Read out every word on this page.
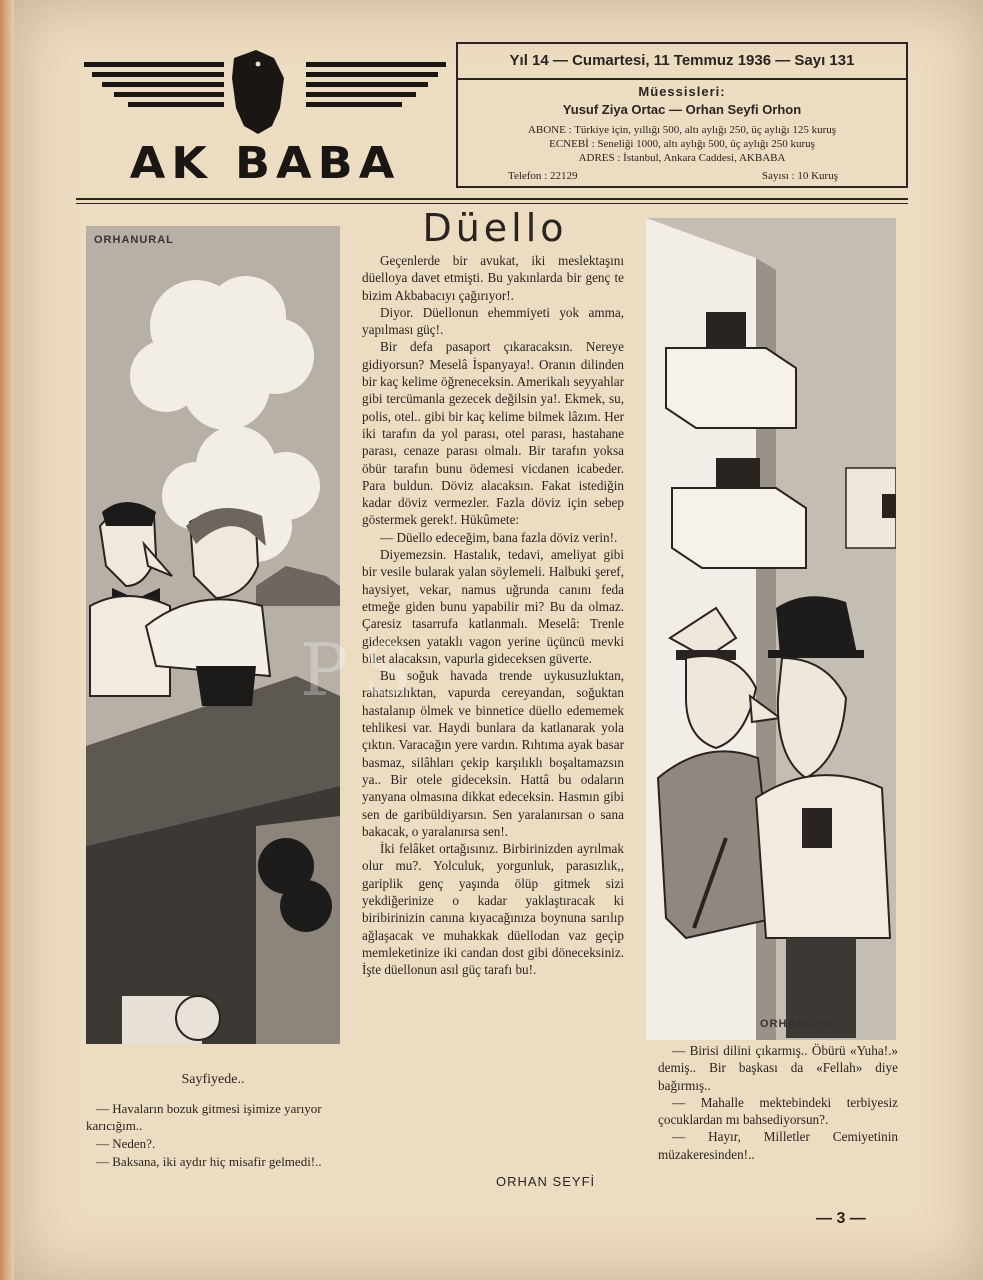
AK BABA
Yıl 14 — Cumartesi, 11 Temmuz 1936 — Sayı 131
Müessisleri:
Yusuf Ziya Ortac — Orhan Seyfi Orhon
ABONE : Türkiye için, yıllığı 500, altı aylığı 250, üç aylığı 125 kuruş
ECNEBİ : Seneliği 1000, altı aylığı 500, üç aylığı 250 kuruş
ADRES : İstanbul, Ankara Caddesi, AKBABA
Telefon : 22129	Sayısı : 10 Kuruş
ORHANURAL
Sayfiyede..

— Havaların bozuk gitmesi işimize yarıyor karıcığım..

— Neden?.

— Baksana, iki aydır hiç misafir gelmedi!..

Düello

Geçenlerde bir avukat, iki meslektaşını düelloya davet etmişti. Bu yakınlarda bir genç te bizim Akbabacıyı çağırıyor!.

Diyor. Düellonun ehemmiyeti yok amma, yapılması güç!.

Bir defa pasaport çıkaracaksın. Nereye gidiyorsun? Meselâ İspanyaya!. Oranın dilinden bir kaç kelime öğreneceksin. Amerikalı seyyahlar gibi tercümanla gezecek değilsin ya!. Ekmek, su, polis, otel.. gibi bir kaç kelime bilmek lâzım. Her iki tarafın da yol parası, otel parası, hastahane parası, cenaze parası olmalı. Bir tarafın yoksa öbür tarafın bunu ödemesi vicdanen icabeder. Para buldun. Döviz alacaksın. Fakat istediğin kadar döviz vermezler. Fazla döviz için sebep göstermek gerek!. Hükûmete:

— Düello edeceğim, bana fazla döviz verin!.

Diyemezsin. Hastalık, tedavi, ameliyat gibi bir vesile bularak yalan söylemeli. Halbuki şeref, haysiyet, vekar, namus uğrunda canını feda etmeğe giden bunu yapabilir mi? Bu da olmaz. Çaresiz tasarrufa katlanmalı. Meselâ: Trenle gideceksen yataklı vagon yerine üçüncü mevki bilet alacaksın, vapurla gideceksen güverte.

Bu soğuk havada trende uykusuzluktan, rahatsızlıktan, vapurda cereyandan, soğuktan hastalanıp ölmek ve binnetice düello edememek tehlikesi var. Haydi bunlara da katlanarak yola çıktın. Varacağın yere vardın. Rıhtıma ayak basar basmaz, silâhları çekip karşılıklı boşaltamazsın ya.. Bir otele gideceksin. Hattâ bu odaların yanyana olmasına dikkat edeceksin. Hasmın gibi sen de garibüldiyarsın. Sen yaralanırsan o sana bakacak, o yaralanırsa sen!.

İki felâket ortağısınız. Birbirinizden ayrılmak olur mu?. Yolculuk, yorgunluk, parasızlık,, gariplik genç yaşında ölüp gitmek sizi yekdiğerinize o kadar yaklaştıracak ki biribirinizin canına kıyacağınıza boynuna sarılıp ağlaşacak ve muhakkak düellodan vaz geçip memleketinize iki candan dost gibi döneceksiniz. İşte düellonun asıl güç tarafı bu!.

ORHAN SEYFİ
ORHANURAL

— Birisi dilini çıkarmış.. Öbürü «Yuha!.» demiş.. Bir başkası da «Fellah» diye bağırmış..

— Mahalle mektebindeki terbiyesiz çocuklardan mı bahsediyorsun?.

— Hayır, Milletler Cemiyetinin müzakeresinden!..

— 3 —
PS
